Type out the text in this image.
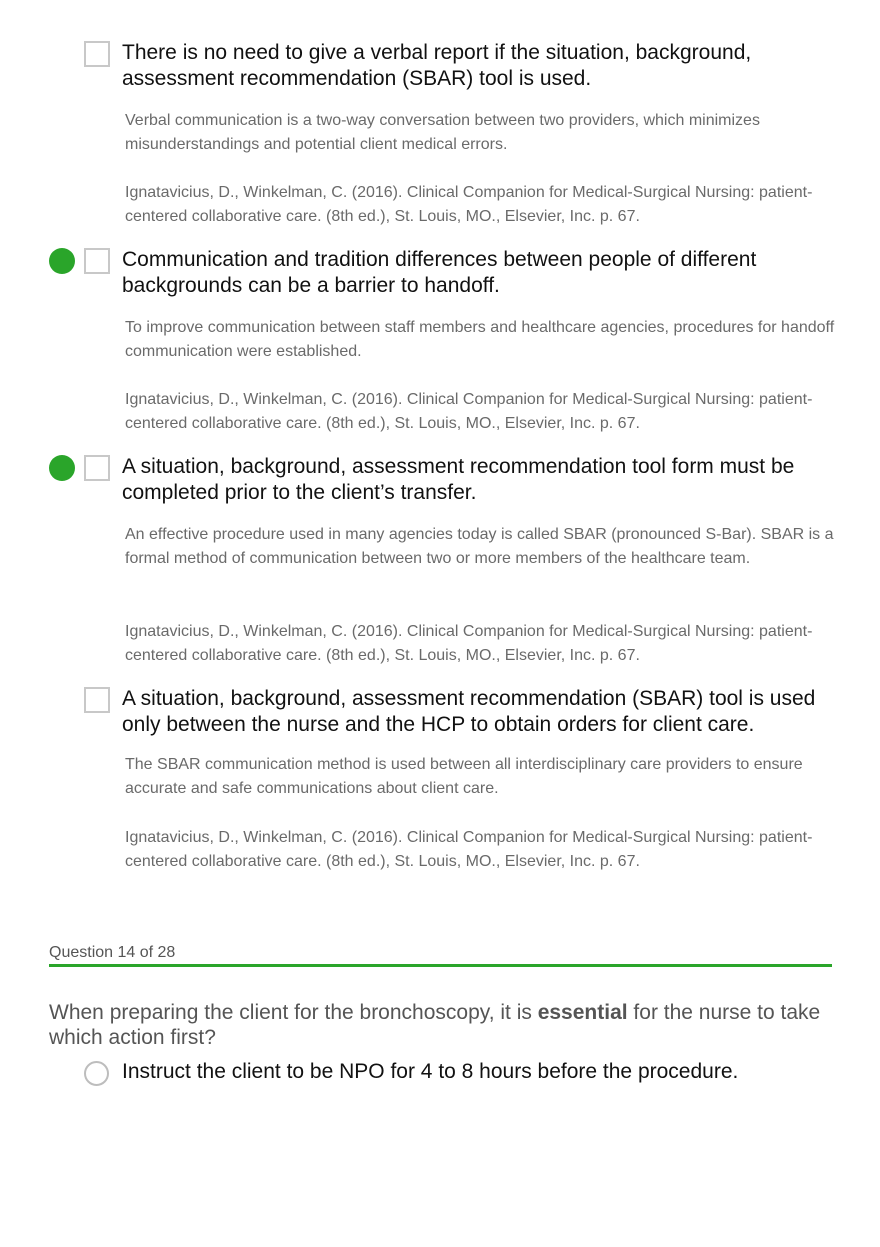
There is no need to give a verbal report if the situation, background, assessment recommendation (SBAR) tool is used.

Verbal communication is a two-way conversation between two providers, which minimizes misunderstandings and potential client medical errors.

Ignatavicius, D., Winkelman, C. (2016). Clinical Companion for Medical-Surgical Nursing: patient-centered collaborative care. (8th ed.), St. Louis, MO., Elsevier, Inc. p. 67.

Communication and tradition differences between people of different backgrounds can be a barrier to handoff.

To improve communication between staff members and healthcare agencies, procedures for handoff communication were established.

Ignatavicius, D., Winkelman, C. (2016). Clinical Companion for Medical-Surgical Nursing: patient-centered collaborative care. (8th ed.), St. Louis, MO., Elsevier, Inc. p. 67.

A situation, background, assessment recommendation tool form must be completed prior to the client’s transfer.

An effective procedure used in many agencies today is called SBAR (pronounced S-Bar). SBAR is a formal method of communication between two or more members of the healthcare team.

Ignatavicius, D., Winkelman, C. (2016). Clinical Companion for Medical-Surgical Nursing: patient-centered collaborative care. (8th ed.), St. Louis, MO., Elsevier, Inc. p. 67.

A situation, background, assessment recommendation (SBAR) tool is used only between the nurse and the HCP to obtain orders for client care.

The SBAR communication method is used between all interdisciplinary care providers to ensure accurate and safe communications about client care.

Ignatavicius, D., Winkelman, C. (2016). Clinical Companion for Medical-Surgical Nursing: patient-centered collaborative care. (8th ed.), St. Louis, MO., Elsevier, Inc. p. 67.

Question 14 of 28

When preparing the client for the bronchoscopy, it is essential for the nurse to take which action first?

Instruct the client to be NPO for 4 to 8 hours before the procedure.
